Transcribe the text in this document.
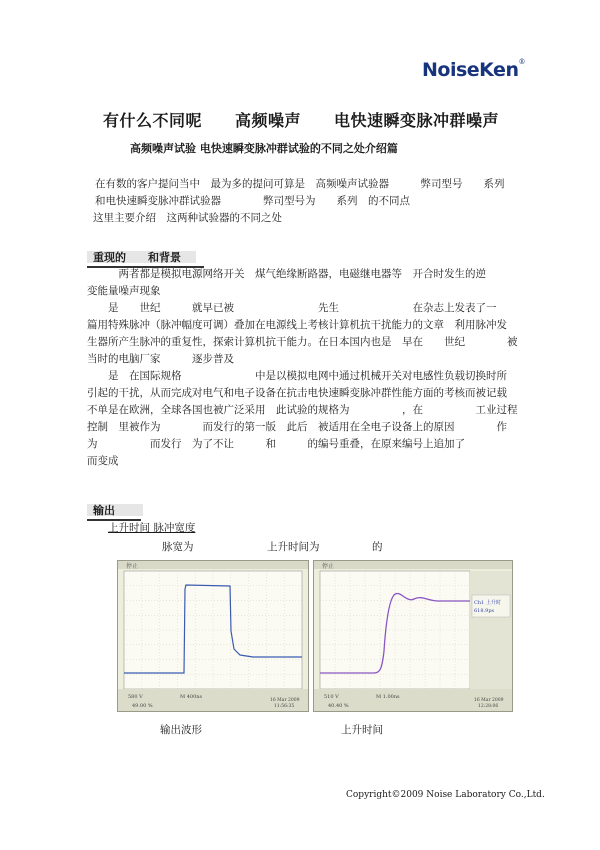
NoiseKen®
有什么不同呢　　高频噪声　　电快速瞬变脉冲群噪声
高频噪声试验 电快速瞬变脉冲群试验的不同之处介绍篇
在有数的客户提问当中　最为多的提问可算是　高频噪声试验器　　　弊司型号　　系列
和电快速瞬变脉冲群试验器　　　　弊司型号为　　系列　的不同点
这里主要介绍　这两种试验器的不同之处
重现的　　和背景
　　　两者都是模拟电源网络开关　煤气绝缘断路器，电磁继电器等　开合时发生的逆
变能量噪声现象
　　是　　世纪　　　就早已被　　　　　　　　先生　　　　　　　在杂志上发表了一
篇用特殊脉冲（脉冲幅度可调）叠加在电源线上考核计算机抗干扰能力的文章　利用脉冲发
生器所产生脉冲的重复性，探索计算机抗干能力。在日本国内也是　早在　　世纪　　　　被
当时的电脑厂家　　　逐步普及
　　是　在国际规格　　　　　　　中是以模拟电网中通过机械开关对电感性负载切换时所
引起的干扰，从而完成对电气和电子设备在抗击电快速瞬变脉冲群性能方面的考核而被记载
不单是在欧洲，全球各国也被广泛采用　此试验的规格为　　　　　，在　　　　　工业过程
控制　里被作为　　　　而发行的第一版　此后　被适用在全电子设备上的原因　　　　作
为　　　　　而发行　为了不让　　　和　　　的编号重叠，在原来编号上追加了
而变成
输出
上升时间 脉冲宽度
脉宽为　　　　　　　上升时间为　　　　　的
停止
580 V	M 400ns
49.00 %
16 Mar 2009
11:56:35
停止
Ch1 上升时
618.9ps
510 V	M 1.00ns
40.40 %
16 Mar 2009
12:28:06
输出波形	上升时间
Copyright©2009 Noise Laboratory Co.,Ltd.
